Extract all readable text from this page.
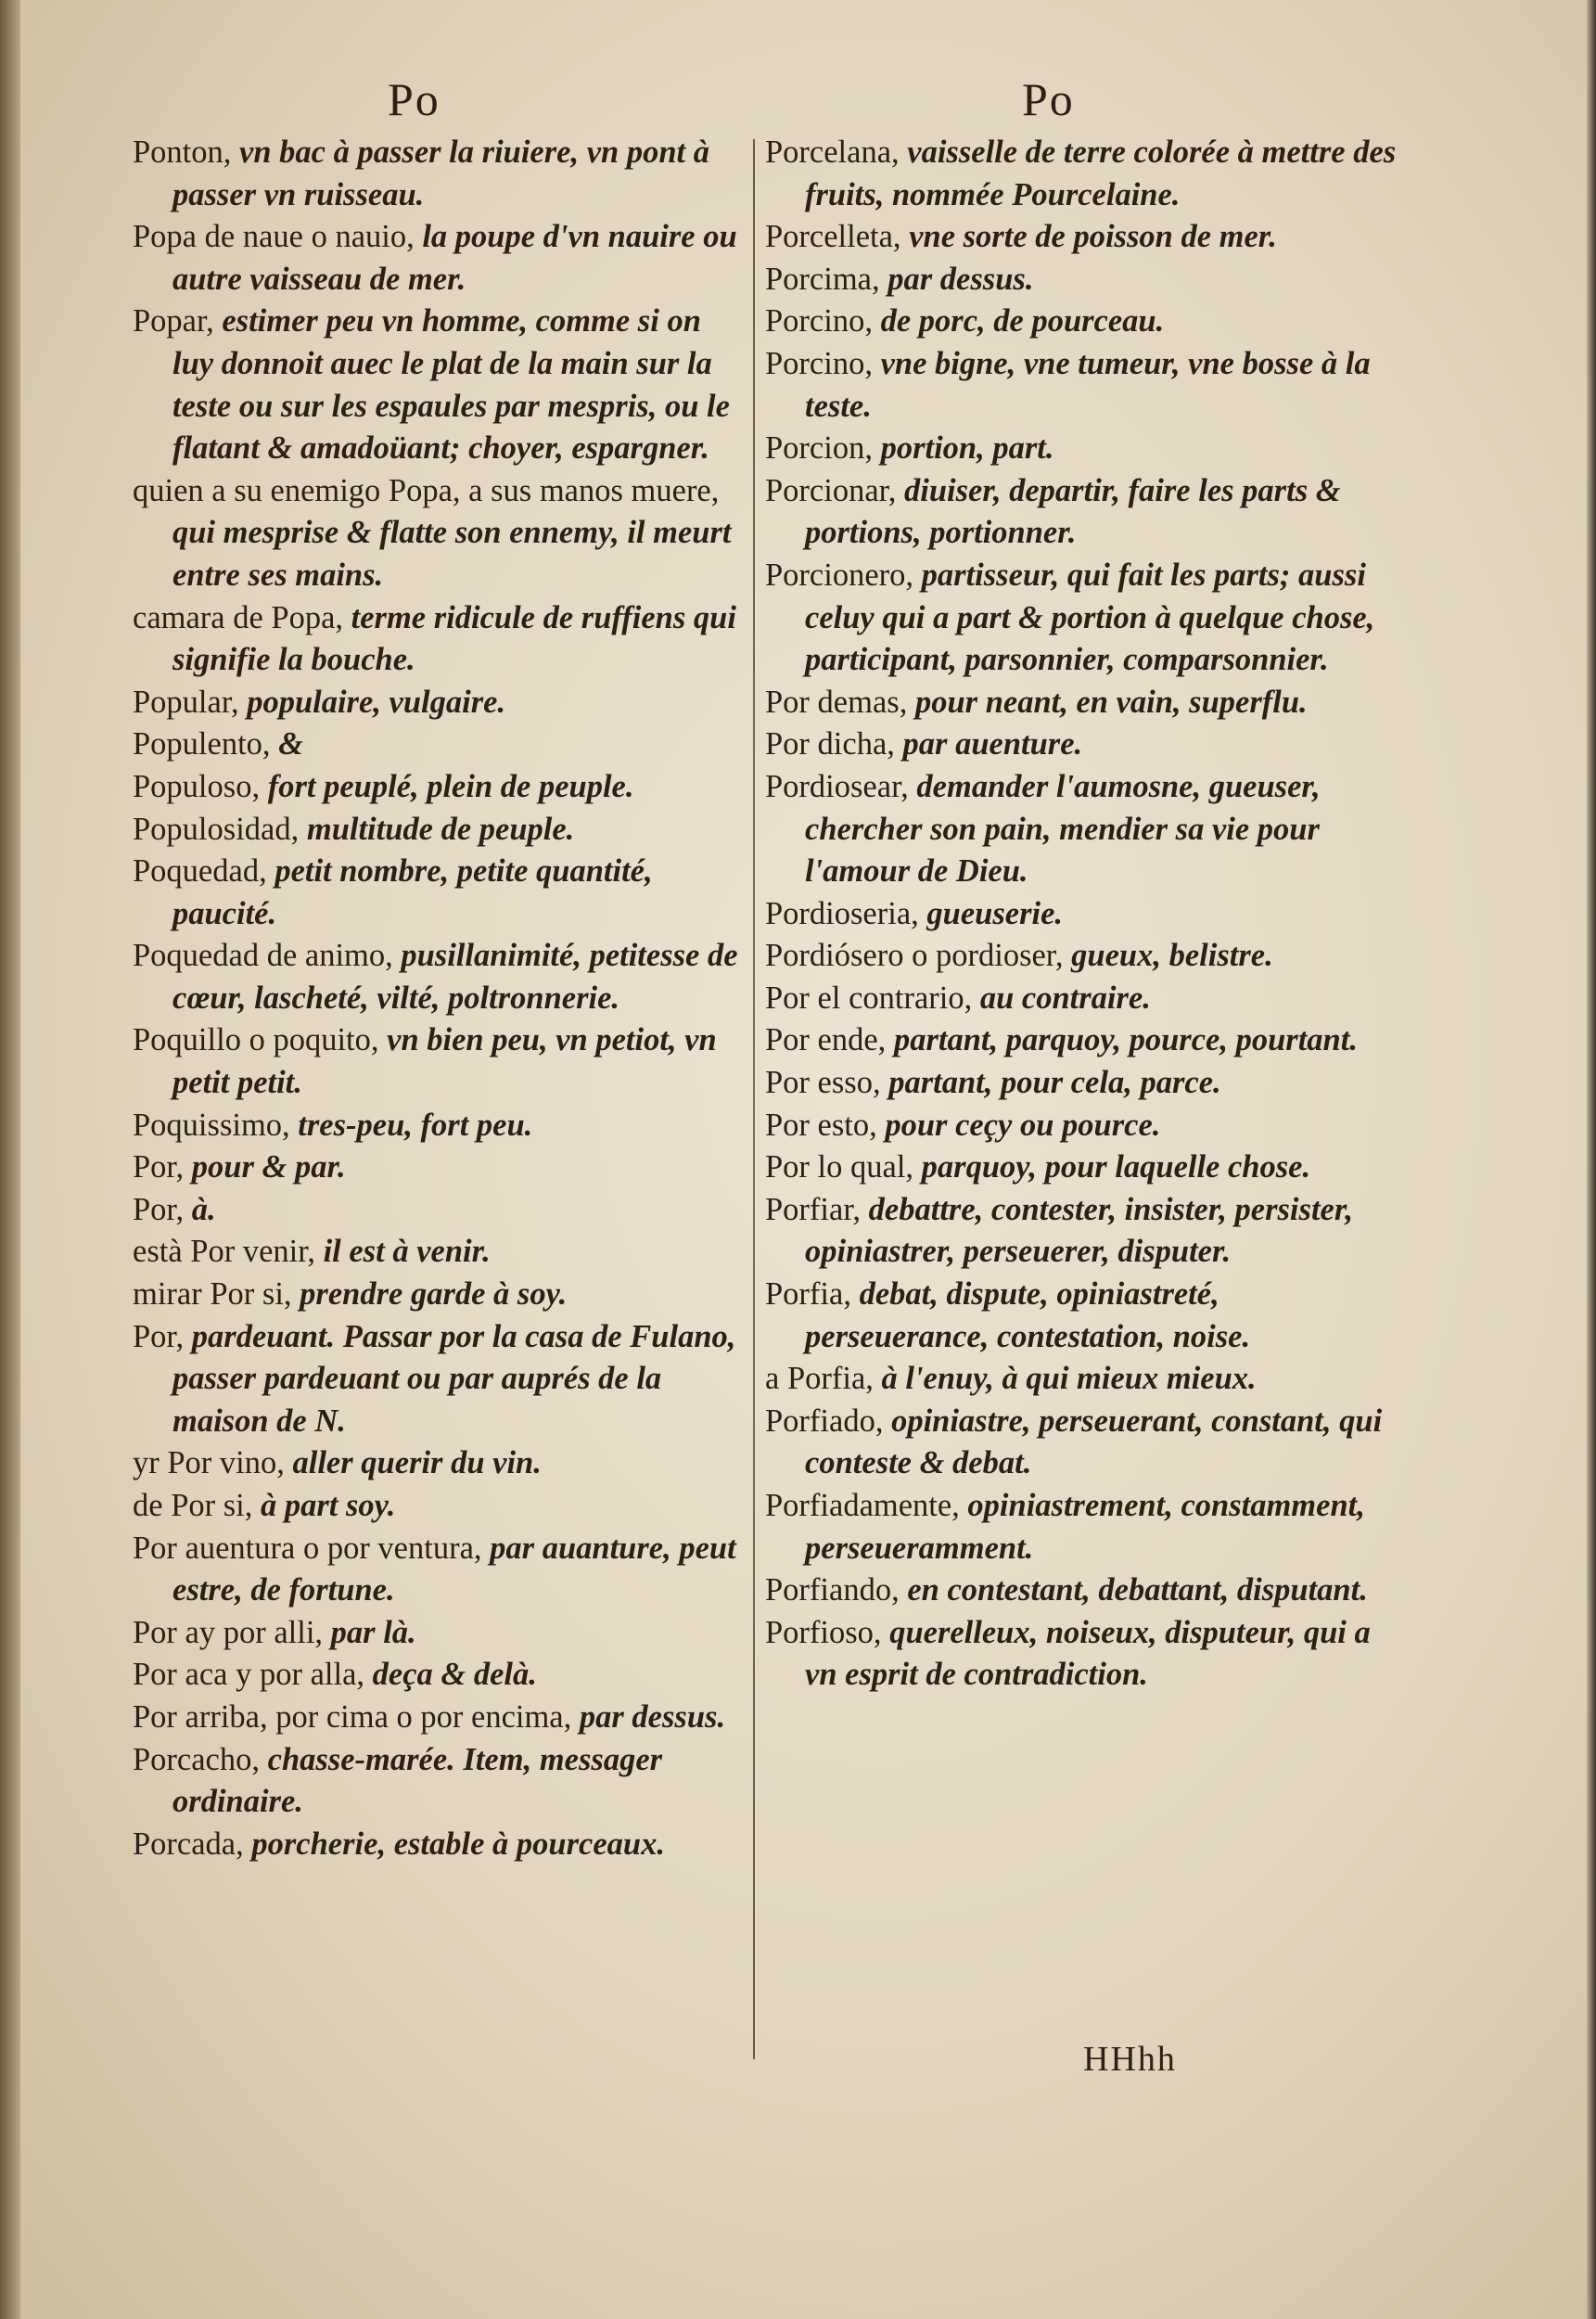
Po	Po

Ponton, vn bac à passer la riuiere, vn pont à passer vn ruisseau.

Popa de naue o nauio, la poupe d'vn nauire ou autre vaisseau de mer.

Popar, estimer peu vn homme, comme si on luy donnoit auec le plat de la main sur la teste ou sur les espaules par mespris, ou le flatant & amadoüant; choyer, espargner.

quien a su enemigo Popa, a sus manos muere, qui mesprise & flatte son ennemy, il meurt entre ses mains.

camara de Popa, terme ridicule de ruffiens qui signifie la bouche.

Popular, populaire, vulgaire.

Populento, &

Populoso, fort peuplé, plein de peuple.

Populosidad, multitude de peuple.

Poquedad, petit nombre, petite quantité, paucité.

Poquedad de animo, pusillanimité, petitesse de cœur, lascheté, vilté, poltronnerie.

Poquillo o poquito, vn bien peu, vn petiot, vn petit petit.

Poquissimo, tres-peu, fort peu.

Por, pour & par.

Por, à.

està Por venir, il est à venir.

mirar Por si, prendre garde à soy.

Por, pardeuant. Passar por la casa de Fulano, passer pardeuant ou par auprés de la maison de N.

yr Por vino, aller querir du vin.

de Por si, à part soy.

Por auentura o por ventura, par auanture, peut estre, de fortune.

Por ay por alli, par là.

Por aca y por alla, deça & delà.

Por arriba, por cima o por encima, par dessus.

Porcacho, chasse-marée. Item, messager ordinaire.

Porcada, porcherie, estable à pourceaux.

Porcelana, vaisselle de terre colorée à mettre des fruits, nommée Pourcelaine.

Porcelleta, vne sorte de poisson de mer.

Porcima, par dessus.

Porcino, de porc, de pourceau.

Porcino, vne bigne, vne tumeur, vne bosse à la teste.

Porcion, portion, part.

Porcionar, diuiser, departir, faire les parts & portions, portionner.

Porcionero, partisseur, qui fait les parts; aussi celuy qui a part & portion à quelque chose, participant, parsonnier, comparsonnier.

Por demas, pour neant, en vain, superflu.

Por dicha, par auenture.

Pordiosear, demander l'aumosne, gueuser, chercher son pain, mendier sa vie pour l'amour de Dieu.

Pordioseria, gueuserie.

Pordiósero o pordioser, gueux, belistre.

Por el contrario, au contraire.

Por ende, partant, parquoy, pource, pourtant.

Por esso, partant, pour cela, parce.

Por esto, pour ceçy ou pource.

Por lo qual, parquoy, pour laquelle chose.

Porfiar, debattre, contester, insister, persister, opiniastrer, perseuerer, disputer.

Porfia, debat, dispute, opiniastreté, perseuerance, contestation, noise.

a Porfia, à l'enuy, à qui mieux mieux.

Porfiado, opiniastre, perseuerant, constant, qui conteste & debat.

Porfiadamente, opiniastrement, constamment, perseueramment.

Porfiando, en contestant, debattant, disputant.

Porfioso, querelleux, noiseux, disputeur, qui a vn esprit de contradiction.

HHhh
